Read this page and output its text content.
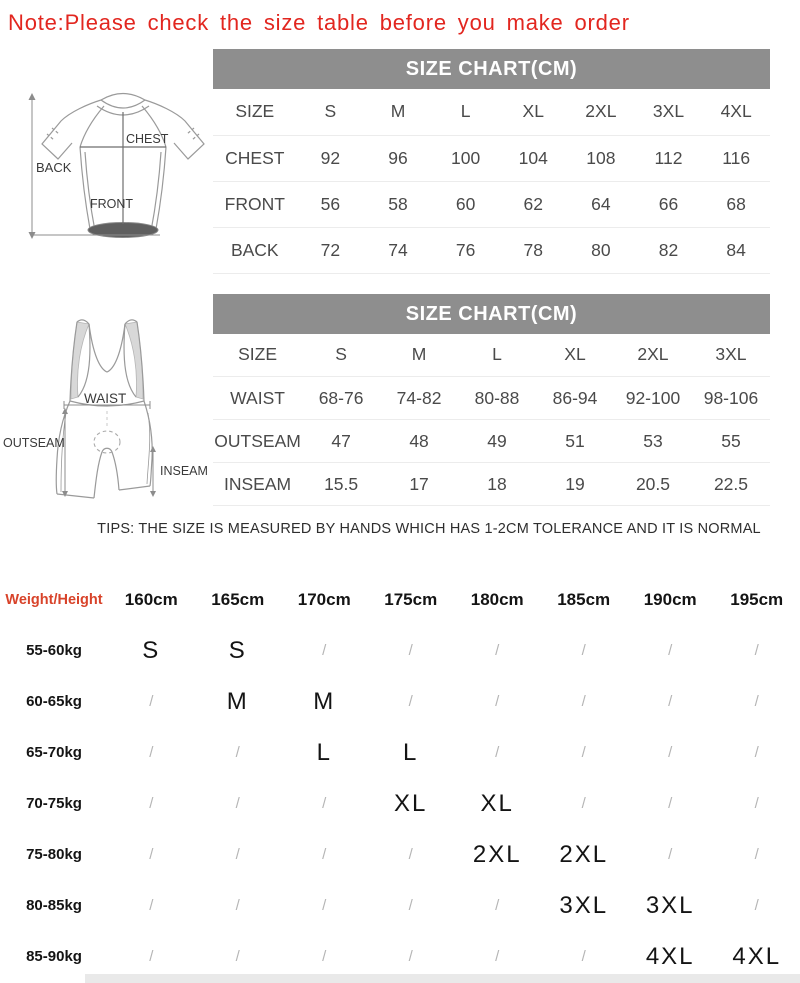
Note:Please check the size table before you make order
CHEST
FRONT
BACK
WAIST
OUTSEAM
INSEAM
SIZE CHART(CM)
SIZE	S	M	L	XL	2XL	3XL	4XL
CHEST	92	96	100	104	108	112	116
FRONT	56	58	60	62	64	66	68
BACK	72	74	76	78	80	82	84
SIZE CHART(CM)
SIZE	S	M	L	XL	2XL	3XL
WAIST	68-76	74-82	80-88	86-94	92-100	98-106
OUTSEAM	47	48	49	51	53	55
INSEAM	15.5	17	18	19	20.5	22.5
TIPS: THE SIZE IS MEASURED BY HANDS WHICH HAS 1-2CM TOLERANCE AND IT IS NORMAL
Weight/Height	160cm	165cm	170cm	175cm	180cm	185cm	190cm	195cm
55-60kg	S	S	/	/	/	/	/	/
60-65kg	/	M	M	/	/	/	/	/
65-70kg	/	/	L	L	/	/	/	/
70-75kg	/	/	/	XL	XL	/	/	/
75-80kg	/	/	/	/	2XL	2XL	/	/
80-85kg	/	/	/	/	/	3XL	3XL	/
85-90kg	/	/	/	/	/	/	4XL	4XL
